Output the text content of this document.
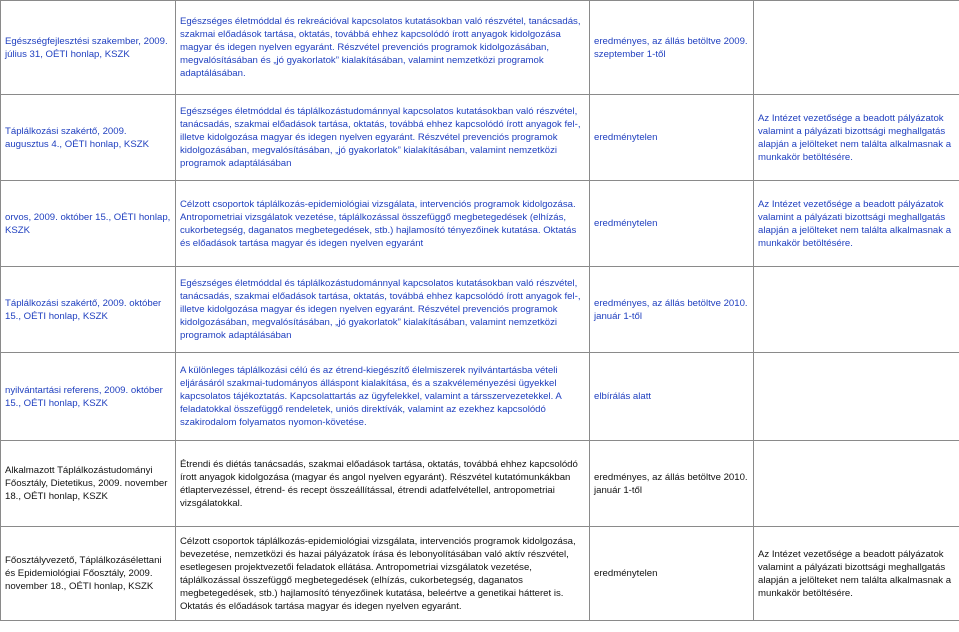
Egészségfejlesztési szakember, 2009. július 31, OÉTI honlap, KSZK	Egészséges életmóddal és rekreációval kapcsolatos kutatásokban való részvétel, tanácsadás, szakmai előadások tartása, oktatás, továbbá ehhez kapcsolódó írott anyagok kidolgozása magyar és idegen nyelven egyaránt. Részvétel prevenciós programok kidolgozásában, megvalósításában és „jó gyakorlatok” kialakításában, valamint nemzetközi programok adaptálásában.	eredményes, az állás betöltve 2009. szeptember 1-től	
Táplálkozási szakértő, 2009. augusztus 4., OÉTI honlap, KSZK	Egészséges életmóddal és táplálkozástudománnyal kapcsolatos kutatásokban való részvétel, tanácsadás, szakmai előadások tartása, oktatás, továbbá ehhez kapcsolódó írott anyagok fel-, illetve kidolgozása magyar és idegen nyelven egyaránt. Részvétel prevenciós programok kidolgozásában, megvalósításában, „jó gyakorlatok” kialakításában, valamint nemzetközi programok adaptálásában	eredménytelen	Az Intézet vezetősége a beadott pályázatok valamint a pályázati bizottsági meghallgatás alapján a jelölteket nem találta alkalmasnak a munkakör betöltésére.
orvos, 2009. október 15., OÉTI honlap, KSZK	Célzott csoportok táplálkozás-epidemiológiai vizsgálata, intervenciós programok kidolgozása. Antropometriai vizsgálatok vezetése, táplálkozással összefüggő megbetegedések (elhízás, cukorbetegség, daganatos megbetegedések, stb.) hajlamosító tényezőinek kutatása. Oktatás és előadások tartása magyar és idegen nyelven egyaránt	eredménytelen	Az Intézet vezetősége a beadott pályázatok valamint a pályázati bizottsági meghallgatás alapján a jelölteket nem találta alkalmasnak a munkakör betöltésére.
Táplálkozási szakértő, 2009. október 15., OÉTI honlap, KSZK	Egészséges életmóddal és táplálkozástudománnyal kapcsolatos kutatásokban való részvétel, tanácsadás, szakmai előadások tartása, oktatás, továbbá ehhez kapcsolódó írott anyagok fel-, illetve kidolgozása magyar és idegen nyelven egyaránt. Részvétel prevenciós programok kidolgozásában, megvalósításában, „jó gyakorlatok” kialakításában, valamint nemzetközi programok adaptálásában	eredményes, az állás betöltve 2010. január 1-től	
nyilvántartási referens, 2009. október 15., OÉTI honlap, KSZK	A különleges táplálkozási célú és az étrend-kiegészítő élelmiszerek nyilvántartásba vételi eljárásáról szakmai-tudományos álláspont kialakítása, és a szakvéleményezési ügyekkel kapcsolatos tájékoztatás. Kapcsolattartás az ügyfelekkel, valamint a társszervezetekkel. A feladatokkal összefüggő rendeletek, uniós direktívák, valamint az ezekhez kapcsolódó szakirodalom folyamatos nyomon-követése.	elbírálás alatt	
Alkalmazott Táplálkozástudományi Főosztály, Dietetikus, 2009. november 18., OÉTI honlap, KSZK	Étrendi és diétás tanácsadás, szakmai előadások tartása, oktatás, továbbá ehhez kapcsolódó írott anyagok kidolgozása (magyar és angol nyelven egyaránt). Részvétel kutatómunkákban étlaptervezéssel, étrend- és recept összeállítással, étrendi adatfelvétellel, antropometriai vizsgálatokkal.	eredményes, az állás betöltve 2010. január 1-től	
Főosztályvezető, Táplálkozásélettani és Epidemiológiai Főosztály, 2009. november 18., OÉTI honlap, KSZK	Célzott csoportok táplálkozás-epidemiológiai vizsgálata, intervenciós programok kidolgozása, bevezetése, nemzetközi és hazai pályázatok írása és lebonyolításában való aktív részvétel, esetlegesen projektvezetői feladatok ellátása. Antropometriai vizsgálatok vezetése, táplálkozással összefüggő megbetegedések (elhízás, cukorbetegség, daganatos megbetegedések, stb.) hajlamosító tényezőinek kutatása, beleértve a genetikai hátteret is. Oktatás és előadások tartása magyar és idegen nyelven egyaránt.	eredménytelen	Az Intézet vezetősége a beadott pályázatok valamint a pályázati bizottsági meghallgatás alapján a jelölteket nem találta alkalmasnak a munkakör betöltésére.
